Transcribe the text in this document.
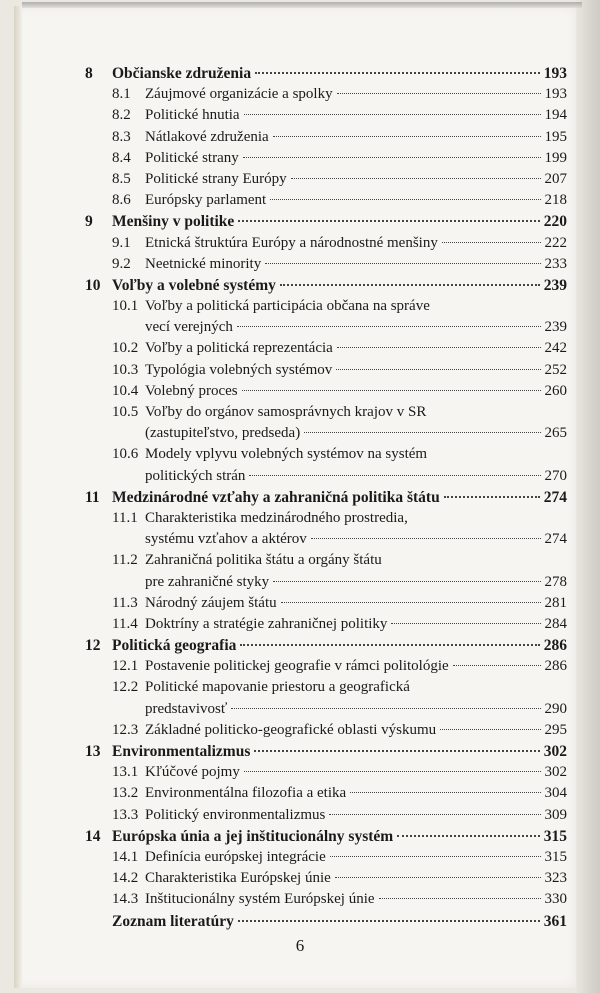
8	Občianske združenia	193
8.1 Záujmové organizácie a spolky	193
8.2 Politické hnutia	194
8.3 Nátlakové združenia	195
8.4 Politické strany	199
8.5 Politické strany Európy	207
8.6 Európsky parlament	218
9	Menšiny v politike	220
9.1 Etnická štruktúra Európy a národnostné menšiny	222
9.2 Neetnické minority	233
10 Voľby a volebné systémy	239
10.1 Voľby a politická participácia občana na správe
vecí verejných	239
10.2 Voľby a politická reprezentácia	242
10.3 Typológia volebných systémov	252
10.4 Volebný proces	260
10.5 Voľby do orgánov samosprávnych krajov v SR
(zastupiteľstvo, predseda)	265
10.6 Modely vplyvu volebných systémov na systém
politických strán	270
11 Medzinárodné vzťahy a zahraničná politika štátu	274
11.1 Charakteristika medzinárodného prostredia,
systému vzťahov a aktérov	274
11.2 Zahraničná politika štátu a orgány štátu
pre zahraničné styky	278
11.3 Národný záujem štátu	281
11.4 Doktríny a stratégie zahraničnej politiky	284
12 Politická geografia	286
12.1 Postavenie politickej geografie v rámci politológie	286
12.2 Politické mapovanie priestoru a geografická
predstavivosť	290
12.3 Základné politicko-geografické oblasti výskumu	295
13 Environmentalizmus	302
13.1 Kľúčové pojmy	302
13.2 Environmentálna filozofia a etika	304
13.3 Politický environmentalizmus	309
14 Európska únia a jej inštitucionálny systém	315
14.1 Definícia európskej integrácie	315
14.2 Charakteristika Európskej únie	323
14.3 Inštitucionálny systém Európskej únie	330
Zoznam literatúry	361
6
